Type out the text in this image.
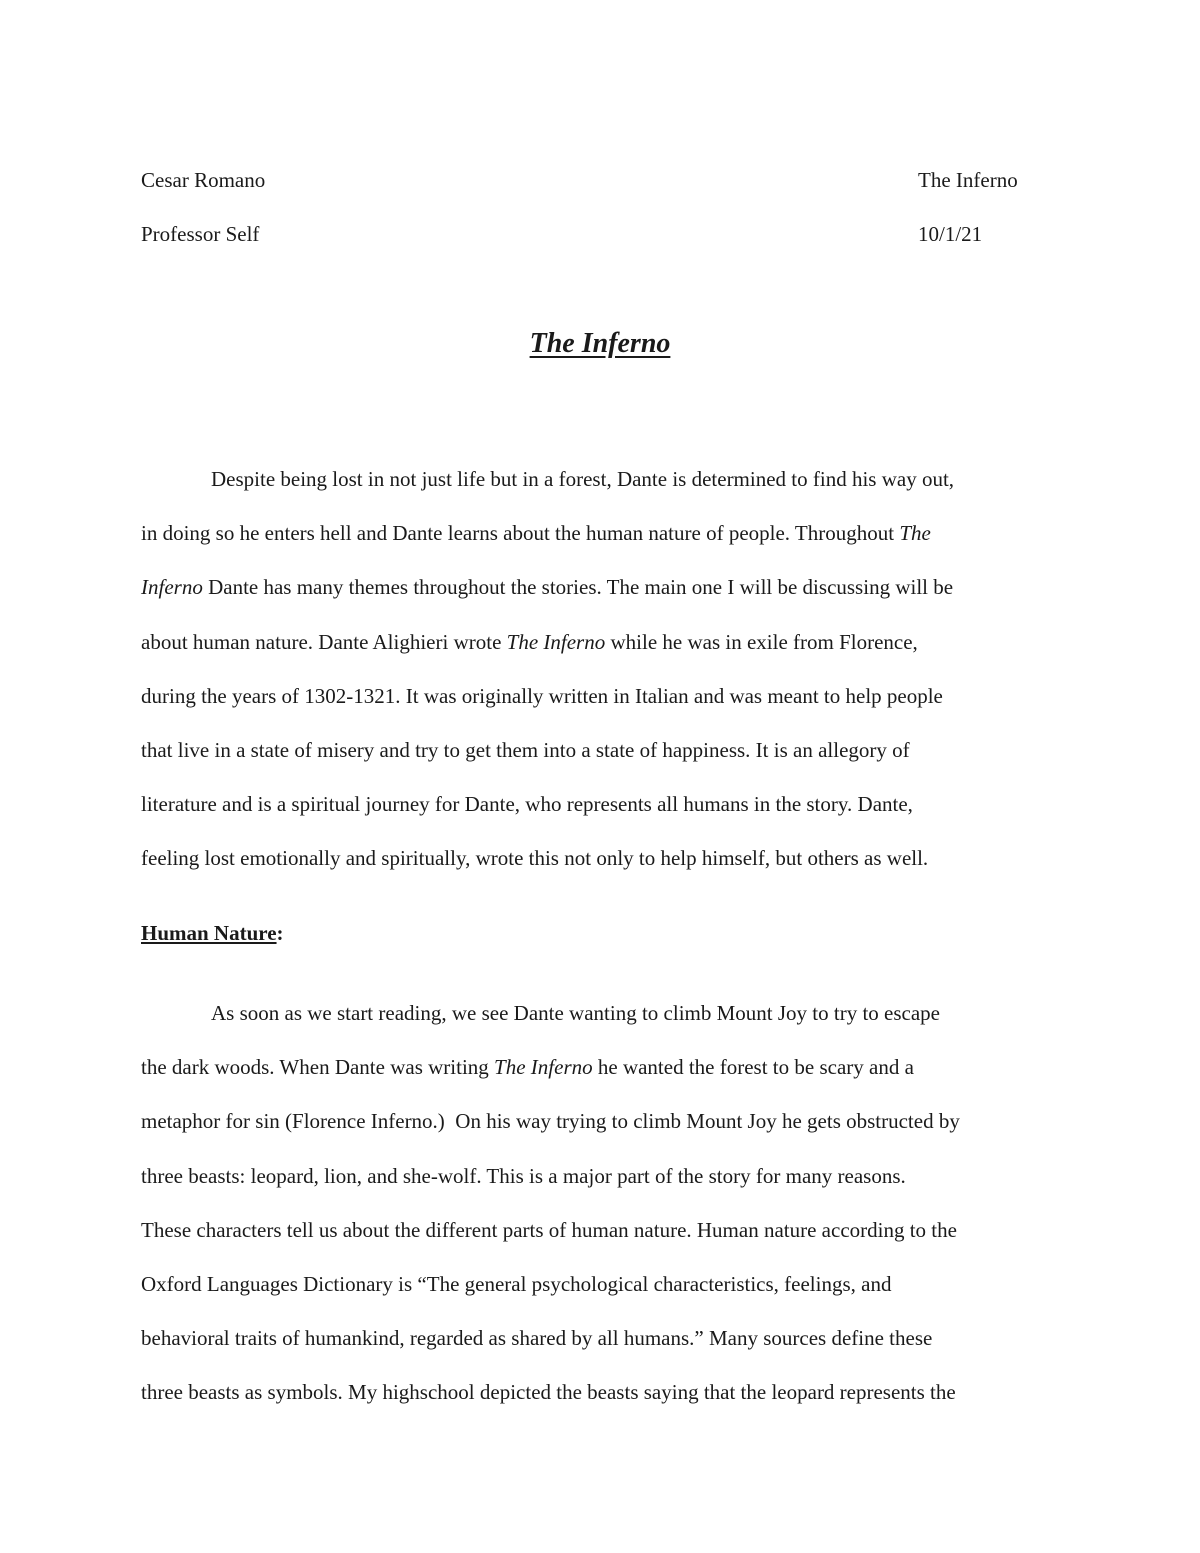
Cesar Romano	The Inferno
Professor Self	10/1/21
The Inferno
Despite being lost in not just life but in a forest, Dante is determined to find his way out,
in doing so he enters hell and Dante learns about the human nature of people. Throughout The
Inferno Dante has many themes throughout the stories. The main one I will be discussing will be
about human nature. Dante Alighieri wrote The Inferno while he was in exile from Florence,
during the years of 1302-1321. It was originally written in Italian and was meant to help people
that live in a state of misery and try to get them into a state of happiness. It is an allegory of
literature and is a spiritual journey for Dante, who represents all humans in the story. Dante,
feeling lost emotionally and spiritually, wrote this not only to help himself, but others as well.
Human Nature:
As soon as we start reading, we see Dante wanting to climb Mount Joy to try to escape
the dark woods. When Dante was writing The Inferno he wanted the forest to be scary and a
metaphor for sin (Florence Inferno.)  On his way trying to climb Mount Joy he gets obstructed by
three beasts: leopard, lion, and she-wolf. This is a major part of the story for many reasons.
These characters tell us about the different parts of human nature. Human nature according to the
Oxford Languages Dictionary is “The general psychological characteristics, feelings, and
behavioral traits of humankind, regarded as shared by all humans.” Many sources define these
three beasts as symbols. My highschool depicted the beasts saying that the leopard represents the
